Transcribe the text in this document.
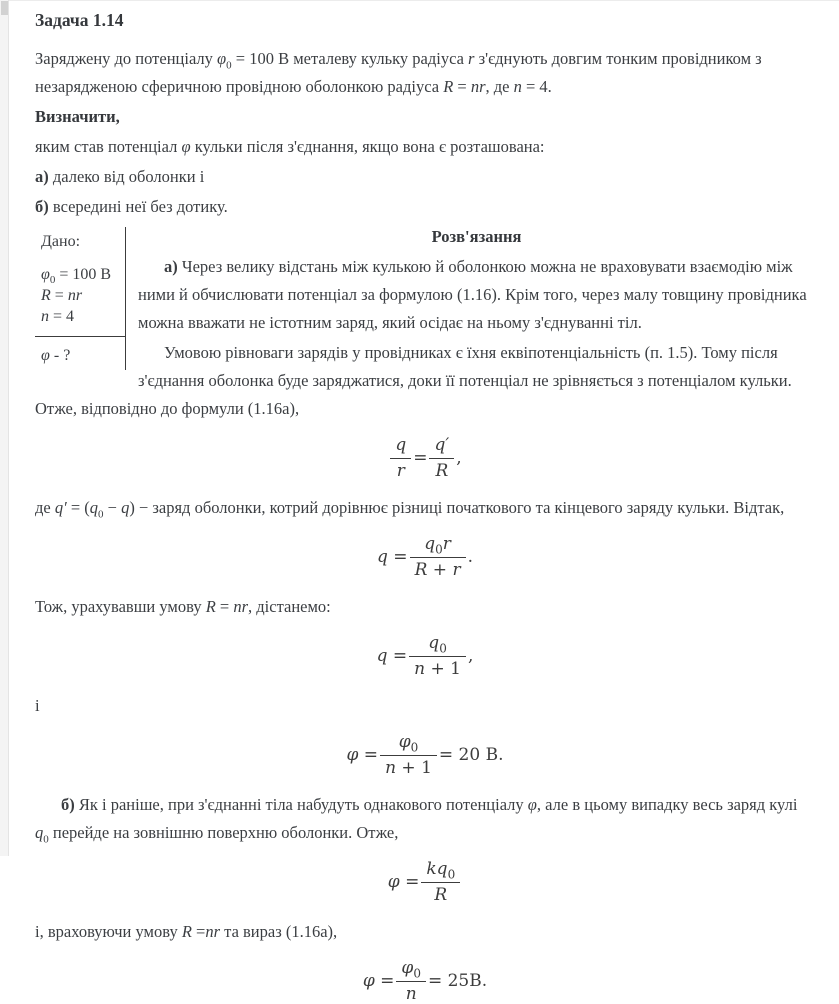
Задача 1.14

Заряджену до потенціалу $\varphi_0 = 100$ В металеву кульку радіуса r з'єднують довгим тонким провідником з незарядженою сферичною провідною оболонкою радіуса R = nr, де n = 4.

Визначити,

яким став потенціал φ кульки після з'єднання, якщо вона є розташована:

а) далеко від оболонки і

б) всередині неї без дотику.

Дано:
$\varphi_0 = 100$ В
R = nr
n = 4
φ - ?
Розв'язання

а) Через велику відстань між кулькою й оболонкою можна не враховувати взаємодію між ними й обчислювати потенціал за формулою (1.16). Крім того, через малу товщину провідника можна вважати не істотним заряд, який осідає на ньому з'єднуванні тіл.

Умовою рівноваги зарядів у провідниках є їхня еквіпотенціальність (п. 1.5). Тому після з'єднання оболонка буде заряджатися, доки її потенціал не зрівняється з потенціалом кульки. Отже, відповідно до формули (1.16а),

$\frac{q}{r} = \frac{q'}{R}$ ,

де $q' = (q_0 - q)$ − заряд оболонки, котрий дорівнює різниці початкового та кінцевого заряду кульки. Відтак,

$q = \frac{q_0r}{R + r}$ .

Тож, урахувавши умову R = nr, дістанемо:

$q = \frac{q_0}{n + 1}$ ,

і

$\varphi = \frac{\varphi_0}{n + 1} = 20$ В.

б) Як і раніше, при з'єднанні тіла набудуть однакового потенціалу φ, але в цьому випадку весь заряд кулі $q_0$ перейде на зовнішню поверхню оболонки. Отже,

$\varphi = \frac{kq_0}{R}$

і, враховуючи умову R =nr та вираз (1.16а),

$\varphi = \frac{\varphi_0}{n} = 25В$.
